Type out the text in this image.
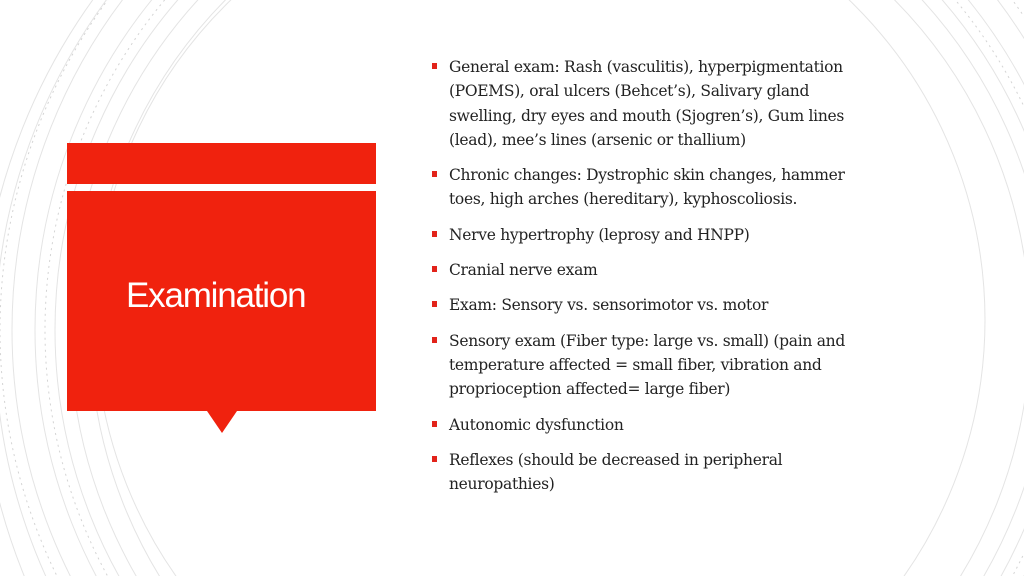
Examination
General exam: Rash (vasculitis), hyperpigmentation (POEMS), oral ulcers (Behcet’s), Salivary gland swelling, dry eyes and mouth (Sjogren’s), Gum lines (lead), mee’s lines (arsenic or thallium)
Chronic changes: Dystrophic skin changes, hammer toes, high arches (hereditary), kyphoscoliosis.
Nerve hypertrophy (leprosy and HNPP)
Cranial nerve exam
Exam: Sensory vs. sensorimotor vs. motor
Sensory exam (Fiber type: large vs. small) (pain and temperature affected = small fiber, vibration and proprioception affected= large fiber)
Autonomic dysfunction
Reflexes (should be decreased in peripheral neuropathies)
